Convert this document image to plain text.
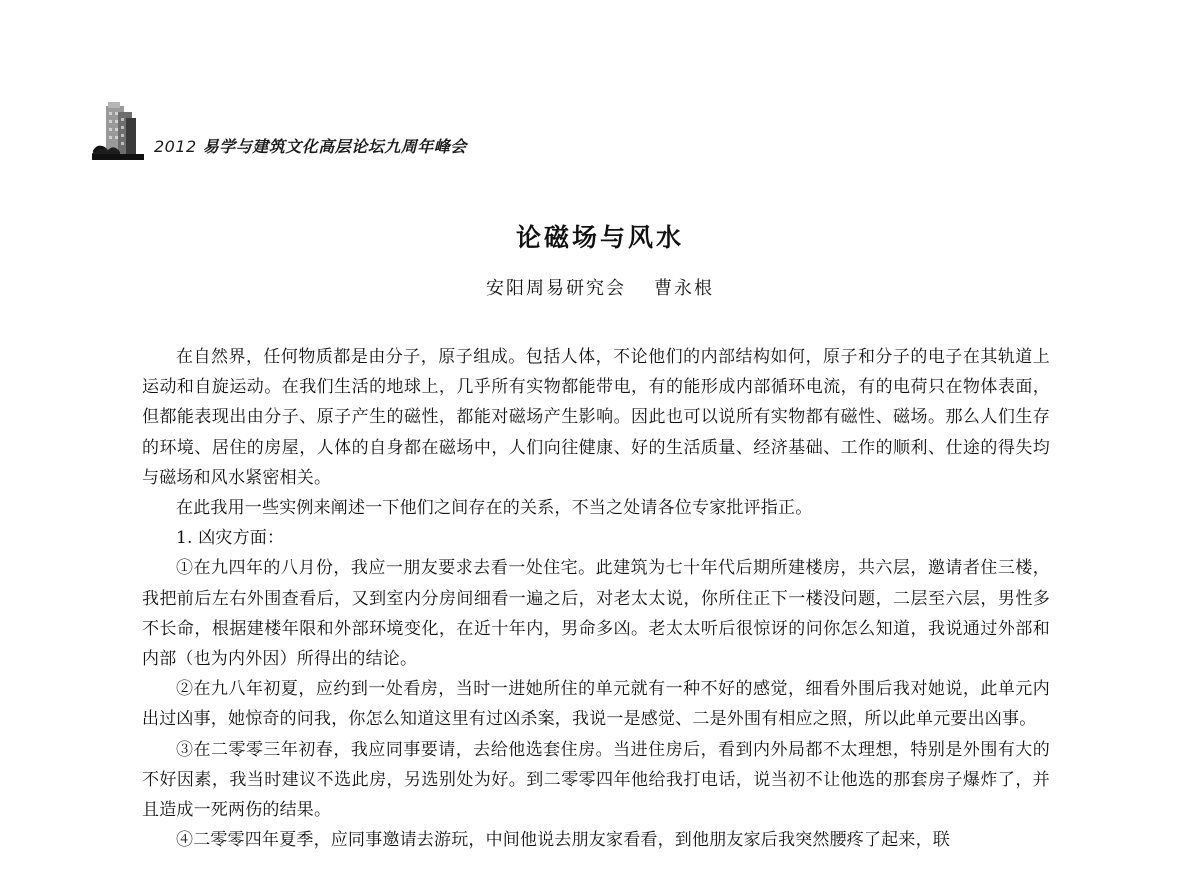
2012 易学与建筑文化高层论坛九周年峰会
论磁场与风水
安阳周易研究会 曹永根

在自然界，任何物质都是由分子，原子组成。包括人体，不论他们的内部结构如何，原子和分子的电子在其轨道上运动和自旋运动。在我们生活的地球上，几乎所有实物都能带电，有的能形成内部循环电流，有的电荷只在物体表面，但都能表现出由分子、原子产生的磁性，都能对磁场产生影响。因此也可以说所有实物都有磁性、磁场。那么人们生存的环境、居住的房屋，人体的自身都在磁场中，人们向往健康、好的生活质量、经济基础、工作的顺利、仕途的得失均与磁场和风水紧密相关。

在此我用一些实例来阐述一下他们之间存在的关系，不当之处请各位专家批评指正。

1. 凶灾方面：

①在九四年的八月份，我应一朋友要求去看一处住宅。此建筑为七十年代后期所建楼房，共六层，邀请者住三楼，我把前后左右外围查看后，又到室内分房间细看一遍之后，对老太太说，你所住正下一楼没问题，二层至六层，男性多不长命，根据建楼年限和外部环境变化，在近十年内，男命多凶。老太太听后很惊讶的问你怎么知道，我说通过外部和内部（也为内外因）所得出的结论。

②在九八年初夏，应约到一处看房，当时一进她所住的单元就有一种不好的感觉，细看外围后我对她说，此单元内出过凶事，她惊奇的问我，你怎么知道这里有过凶杀案，我说一是感觉、二是外围有相应之照，所以此单元要出凶事。

③在二零零三年初春，我应同事要请，去给他选套住房。当进住房后，看到内外局都不太理想，特别是外围有大的不好因素，我当时建议不选此房，另选别处为好。到二零零四年他给我打电话，说当初不让他选的那套房子爆炸了，并且造成一死两伤的结果。

④二零零四年夏季，应同事邀请去游玩，中间他说去朋友家看看，到他朋友家后我突然腰疼了起来，联
